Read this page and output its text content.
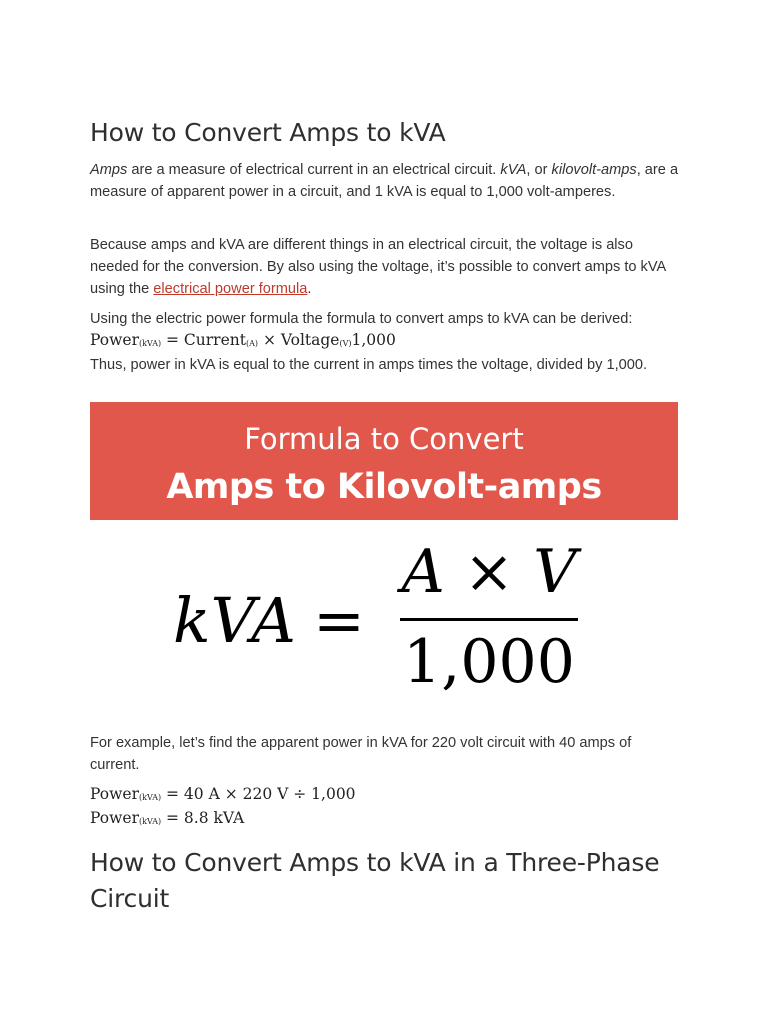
How to Convert Amps to kVA

Amps are a measure of electrical current in an electrical circuit. kVA, or kilovolt-amps, are a measure of apparent power in a circuit, and 1 kVA is equal to 1,000 volt-amperes.

Because amps and kVA are different things in an electrical circuit, the voltage is also needed for the conversion. By also using the voltage, it’s possible to convert amps to kVA using the electrical power formula.

Using the electric power formula the formula to convert amps to kVA can be derived:

Power$_{(kVA)}$ = Current$_{(A)}$ × Voltage$_{(V)}$1,000

Thus, power in kVA is equal to the current in amps times the voltage, divided by 1,000.

Formula to Convert
Amps to Kilovolt-amps
kVA =
A × V
1,000

For example, let’s find the apparent power in kVA for 220 volt circuit with 40 amps of current.

Power$_{(kVA)}$ = 40 A × 220 V ÷ 1,000
Power$_{(kVA)}$ = 8.8 kVA
How to Convert Amps to kVA in a Three-Phase Circuit
